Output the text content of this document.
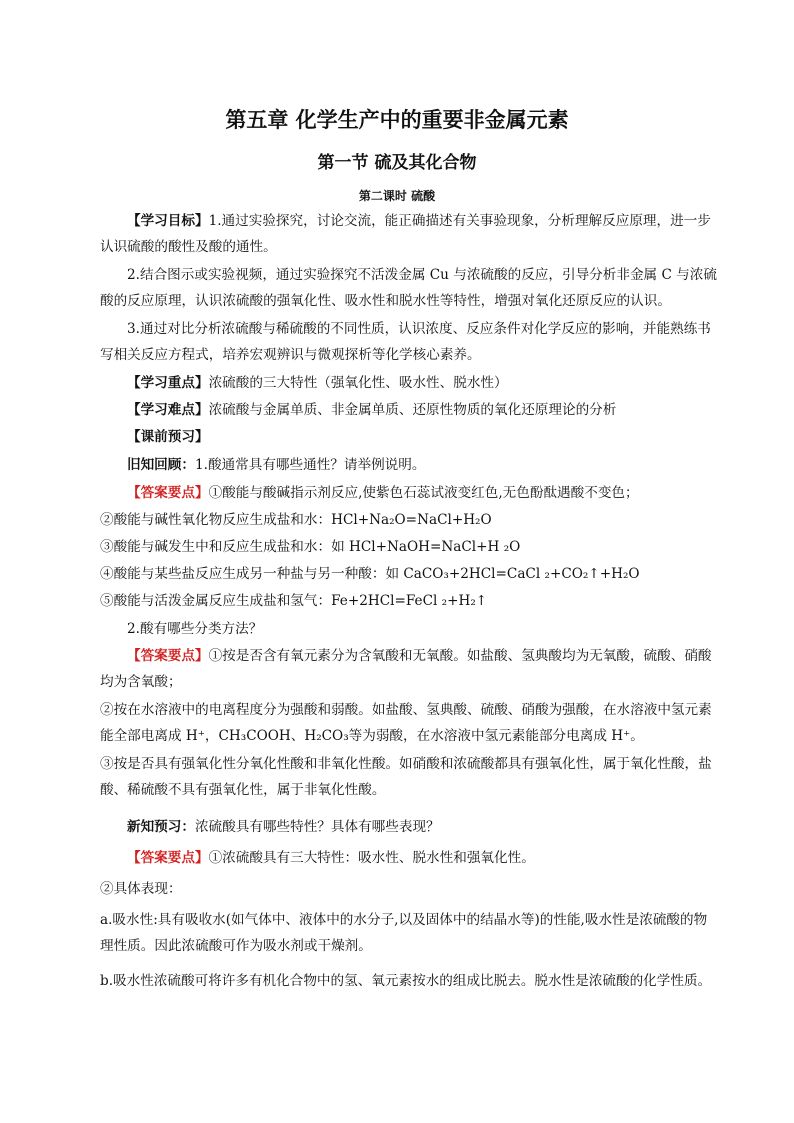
第五章 化学生产中的重要非金属元素
第一节 硫及其化合物
第二课时 硫酸
【学习目标】1.通过实验探究，讨论交流，能正确描述有关事验现象，分析理解反应原理，进一步认识硫酸的酸性及酸的通性。
2.结合图示或实验视频，通过实验探究不活泼金属 Cu 与浓硫酸的反应，引导分析非金属 C 与浓硫酸的反应原理，认识浓硫酸的强氧化性、吸水性和脱水性等特性，增强对氧化还原反应的认识。
3.通过对比分析浓硫酸与稀硫酸的不同性质，认识浓度、反应条件对化学反应的影响，并能熟练书写相关反应方程式，培养宏观辨识与微观探析等化学核心素养。
【学习重点】浓硫酸的三大特性（强氧化性、吸水性、脱水性）
【学习难点】浓硫酸与金属单质、非金属单质、还原性物质的氧化还原理论的分析
【课前预习】
旧知回顾：1.酸通常具有哪些通性？请举例说明。
【答案要点】①酸能与酸碱指示剂反应,使紫色石蕊试液变红色,无色酚酞遇酸不变色；
②酸能与碱性氧化物反应生成盐和水：HCl+Na₂O=NaCl+H₂O
③酸能与碱发生中和反应生成盐和水：如 HCl+NaOH=NaCl+H ₂O
④酸能与某些盐反应生成另一种盐与另一种酸：如 CaCO₃+2HCl=CaCl ₂+CO₂↑+H₂O
⑤酸能与活泼金属反应生成盐和氢气：Fe+2HCl=FeCl ₂+H₂↑
2.酸有哪些分类方法？
【答案要点】①按是否含有氧元素分为含氧酸和无氧酸。如盐酸、氢典酸均为无氧酸，硫酸、硝酸均为含氧酸；
②按在水溶液中的电离程度分为强酸和弱酸。如盐酸、氢典酸、硫酸、硝酸为强酸，在水溶液中氢元素能全部电离成 H⁺，CH₃COOH、H₂CO₃等为弱酸，在水溶液中氢元素能部分电离成 H⁺。
③按是否具有强氧化性分氧化性酸和非氧化性酸。如硝酸和浓硫酸都具有强氧化性，属于氧化性酸，盐酸、稀硫酸不具有强氧化性，属于非氧化性酸。
新知预习：浓硫酸具有哪些特性？具体有哪些表现？
【答案要点】①浓硫酸具有三大特性：吸水性、脱水性和强氧化性。
②具体表现：
a.吸水性:具有吸收水(如气体中、液体中的水分子,以及固体中的结晶水等)的性能,吸水性是浓硫酸的物理性质。因此浓硫酸可作为吸水剂或干燥剂。
b.吸水性浓硫酸可将许多有机化合物中的氢、氧元素按水的组成比脱去。脱水性是浓硫酸的化学性质。
